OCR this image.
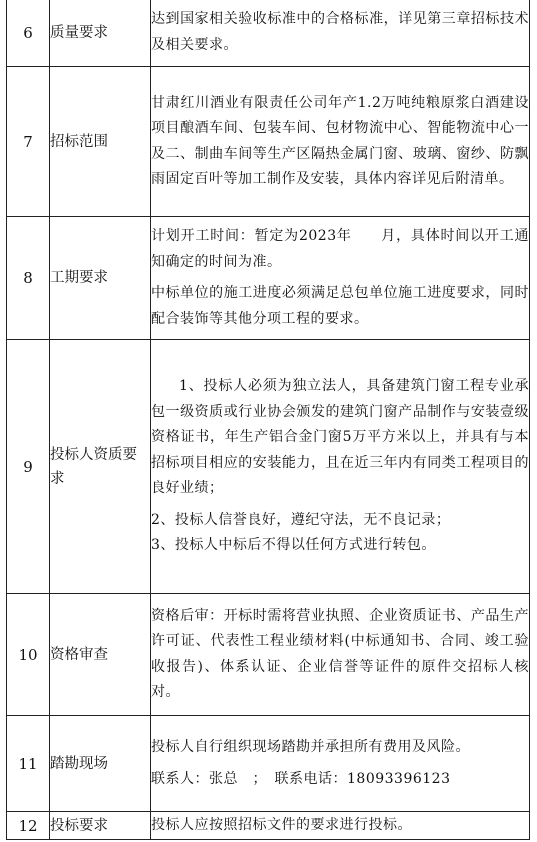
6	质量要求	达到国家相关验收标准中的合格标准，详见第三章招标技术及相关要求。

7	招标范围	甘肃红川酒业有限责任公司年产1.2万吨纯粮原浆白酒建设项目酿酒车间、包装车间、包材物流中心、智能物流中心一及二、制曲车间等生产区隔热金属门窗、玻璃、窗纱、防飘雨固定百叶等加工制作及安装，具体内容详见后附清单。

8	工期要求	计划开工时间：暂定为2023年　　月，具体时间以开工通知确定的时间为准。

中标单位的施工进度必须满足总包单位施工进度要求，同时配合装饰等其他分项工程的要求。

9	投标人资质要求	1、投标人必须为独立法人，具备建筑门窗工程专业承包一级资质或行业协会颁发的建筑门窗产品制作与安装壹级资格证书，年生产铝合金门窗5万平方米以上，并具有与本招标项目相应的安装能力，且在近三年内有同类工程项目的良好业绩；

2、投标人信誉良好，遵纪守法，无不良记录；

3、投标人中标后不得以任何方式进行转包。

10	资格审查	资格后审：开标时需将营业执照、企业资质证书、产品生产许可证、代表性工程业绩材料(中标通知书、合同、竣工验收报告)、体系认证、企业信誉等证件的原件交招标人核对。

11	踏勘现场	投标人自行组织现场踏勘并承担所有费用及风险。

联系人：张总　；　联系电话：18093396123

12	投标要求	投标人应按照招标文件的要求进行投标。
